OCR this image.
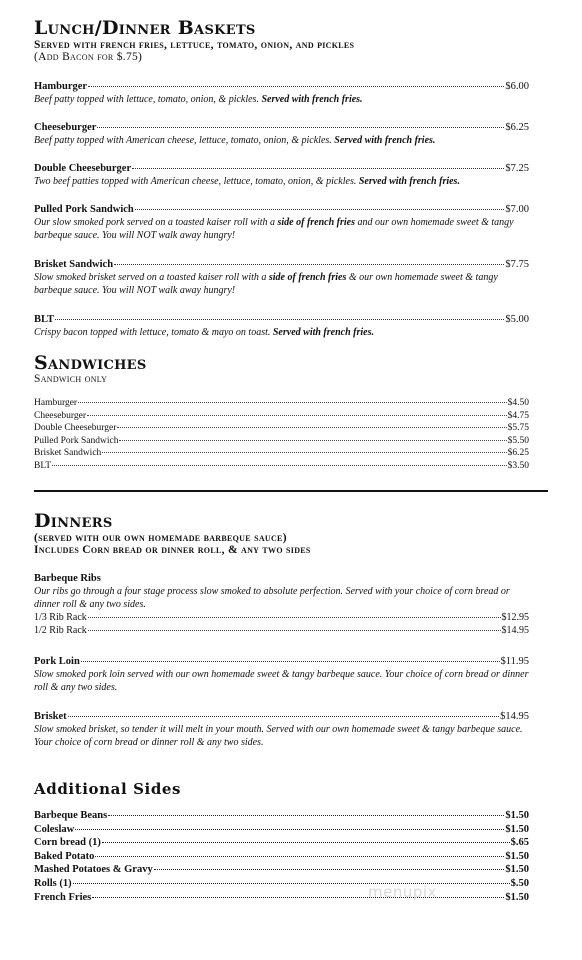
Lunch/Dinner Baskets
Served with french fries, lettuce, tomato, onion, and pickles
(Add Bacon for $.75)
Hamburger	$6.00
Beef patty topped with lettuce, tomato, onion, & pickles. Served with french fries.
Cheeseburger	$6.25
Beef patty topped with American cheese, lettuce, tomato, onion, & pickles. Served with french fries.
Double Cheeseburger	$7.25
Two beef patties topped with American cheese, lettuce, tomato, onion, & pickles. Served with french fries.
Pulled Pork Sandwich	$7.00
Our slow smoked pork served on a toasted kaiser roll with a side of french fries and our own homemade sweet & tangy barbeque sauce. You will NOT walk away hungry!
Brisket Sandwich	$7.75
Slow smoked brisket served on a toasted kaiser roll with a side of french fries & our own homemade sweet & tangy barbeque sauce. You will NOT walk away hungry!
BLT	$5.00
Crispy bacon topped with lettuce, tomato & mayo on toast. Served with french fries.
Sandwiches
Sandwich only
Hamburger	$4.50
Cheeseburger	$4.75
Double Cheeseburger	$5.75
Pulled Pork Sandwich	$5.50
Brisket Sandwich	$6.25
BLT	$3.50
Dinners
(served with our own homemade barbeque sauce)
Includes Corn bread or dinner roll, & any two sides
Barbeque Ribs
Our ribs go through a four stage process slow smoked to absolute perfection. Served with your choice of corn bread or dinner roll & any two sides.
1/3 Rib Rack	$12.95
1/2 Rib Rack	$14.95
Pork Loin	$11.95
Slow smoked pork loin served with our own homemade sweet & tangy barbeque sauce. Your choice of corn bread or dinner roll & any two sides.
Brisket	$14.95
Slow smoked brisket, so tender it will melt in your mouth. Served with our own homemade sweet & tangy barbeque sauce. Your choice of corn bread or dinner roll & any two sides.
Additional Sides
Barbeque Beans	$1.50
Coleslaw	$1.50
Corn bread (1)	$.65
Baked Potato	$1.50
Mashed Potatoes & Gravy	$1.50
Rolls (1)	$.50
French Fries	$1.50
menupix
